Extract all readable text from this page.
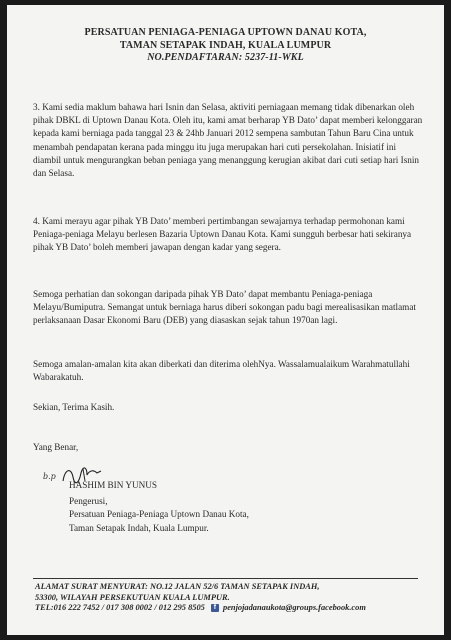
PERSATUAN PENIAGA-PENIAGA UPTOWN DANAU KOTA,
TAMAN SETAPAK INDAH, KUALA LUMPUR
NO.PENDAFTARAN: 5237-11-WKL
3. Kami sedia maklum bahawa hari Isnin dan Selasa, aktiviti perniagaan memang tidak dibenarkan oleh pihak DBKL di Uptown Danau Kota. Oleh itu, kami amat berharap YB Dato’ dapat memberi kelonggaran kepada kami berniaga pada tanggal 23 & 24hb Januari 2012 sempena sambutan Tahun Baru Cina untuk menambah pendapatan kerana pada minggu itu juga merupakan hari cuti persekolahan. Inisiatif ini diambil untuk mengurangkan beban peniaga yang menanggung kerugian akibat dari cuti setiap hari Isnin dan Selasa.
4. Kami merayu agar pihak YB Dato’ memberi pertimbangan sewajarnya terhadap permohonan kami Peniaga-peniaga Melayu berlesen Bazaria Uptown Danau Kota. Kami sungguh berbesar hati sekiranya pihak YB Dato’ boleh memberi jawapan dengan kadar yang segera.
Semoga perhatian dan sokongan daripada pihak YB Dato’ dapat membantu Peniaga-peniaga Melayu/Bumiputra. Semangat untuk berniaga harus diberi sokongan padu bagi merealisasikan matlamat perlaksanaan Dasar Ekonomi Baru (DEB) yang diasaskan sejak tahun 1970an lagi.
Semoga amalan-amalan kita akan diberkati dan diterima olehNya. Wassalamualaikum Warahmatullahi Wabarakatuh.
Sekian, Terima Kasih.
Yang Benar,
b.p
HASHIM BIN YUNUS
Pengerusi,
Persatuan Peniaga-Peniaga Uptown Danau Kota,
Taman Setapak Indah, Kuala Lumpur.
ALAMAT SURAT MENYURAT: NO.12 JALAN 52/6 TAMAN SETAPAK INDAH,
53300, WILAYAH PERSEKUTUAN KUALA LUMPUR.
TEL:016 222 7452 / 017 308 0002 / 012 295 8505 f penjojadanaukota@groups.facebook.com
